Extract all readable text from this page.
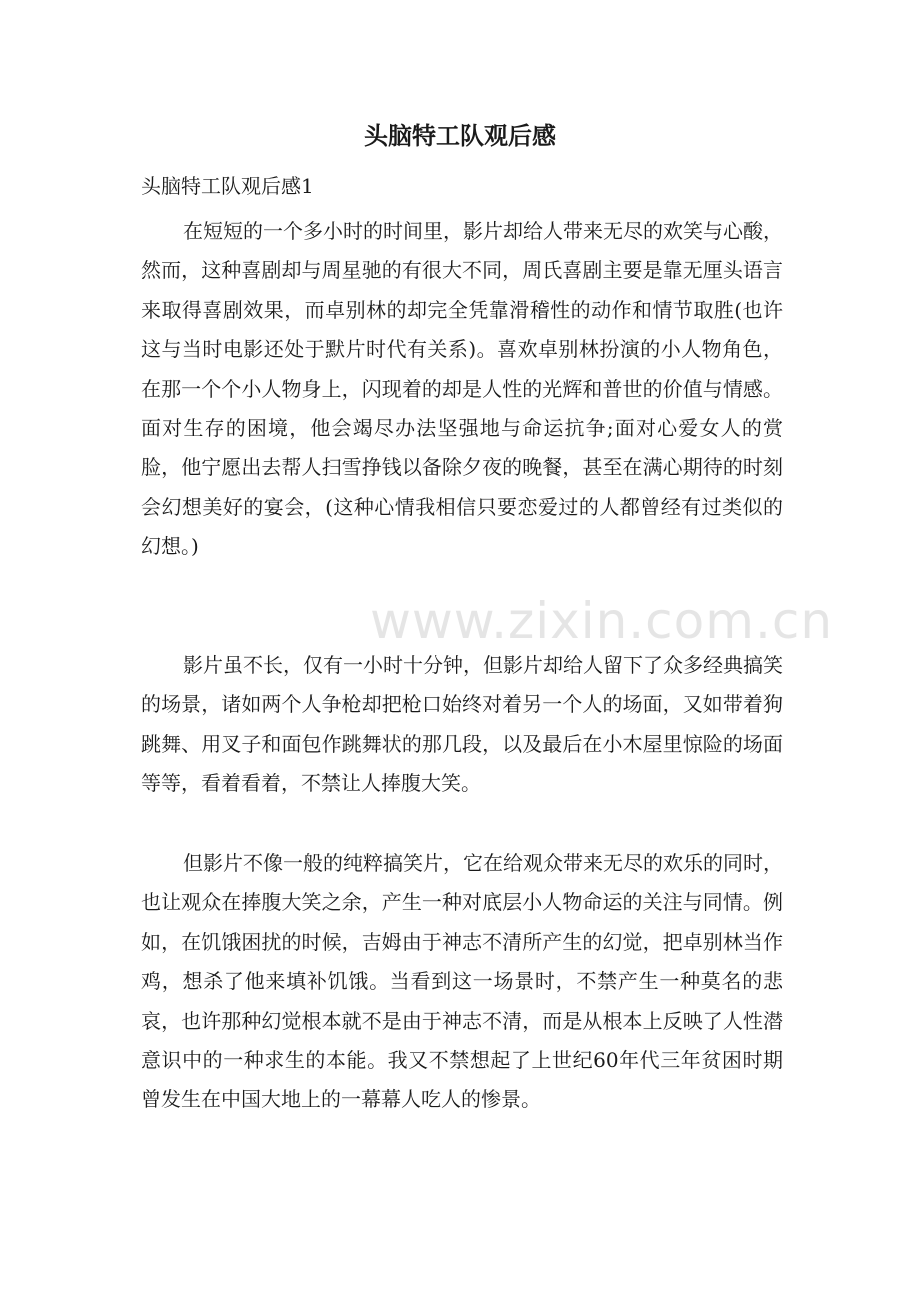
头脑特工队观后感

头脑特工队观后感1

在短短的一个多小时的时间里，影片却给人带来无尽的欢笑与心酸，然而，这种喜剧却与周星驰的有很大不同，周氏喜剧主要是靠无厘头语言来取得喜剧效果，而卓别林的却完全凭靠滑稽性的动作和情节取胜(也许这与当时电影还处于默片时代有关系)。喜欢卓别林扮演的小人物角色，在那一个个小人物身上，闪现着的却是人性的光辉和普世的价值与情感。面对生存的困境，他会竭尽办法坚强地与命运抗争;面对心爱女人的赏脸，他宁愿出去帮人扫雪挣钱以备除夕夜的晚餐，甚至在满心期待的时刻会幻想美好的宴会，(这种心情我相信只要恋爱过的人都曾经有过类似的幻想。)

影片虽不长，仅有一小时十分钟，但影片却给人留下了众多经典搞笑的场景，诸如两个人争枪却把枪口始终对着另一个人的场面，又如带着狗跳舞、用叉子和面包作跳舞状的那几段，以及最后在小木屋里惊险的场面等等，看着看着，不禁让人捧腹大笑。

但影片不像一般的纯粹搞笑片，它在给观众带来无尽的欢乐的同时，也让观众在捧腹大笑之余，产生一种对底层小人物命运的关注与同情。例如，在饥饿困扰的时候，吉姆由于神志不清所产生的幻觉，把卓别林当作鸡，想杀了他来填补饥饿。当看到这一场景时，不禁产生一种莫名的悲哀，也许那种幻觉根本就不是由于神志不清，而是从根本上反映了人性潜意识中的一种求生的本能。我又不禁想起了上世纪60年代三年贫困时期曾发生在中国大地上的一幕幕人吃人的惨景。

www.zixin.com.cn
